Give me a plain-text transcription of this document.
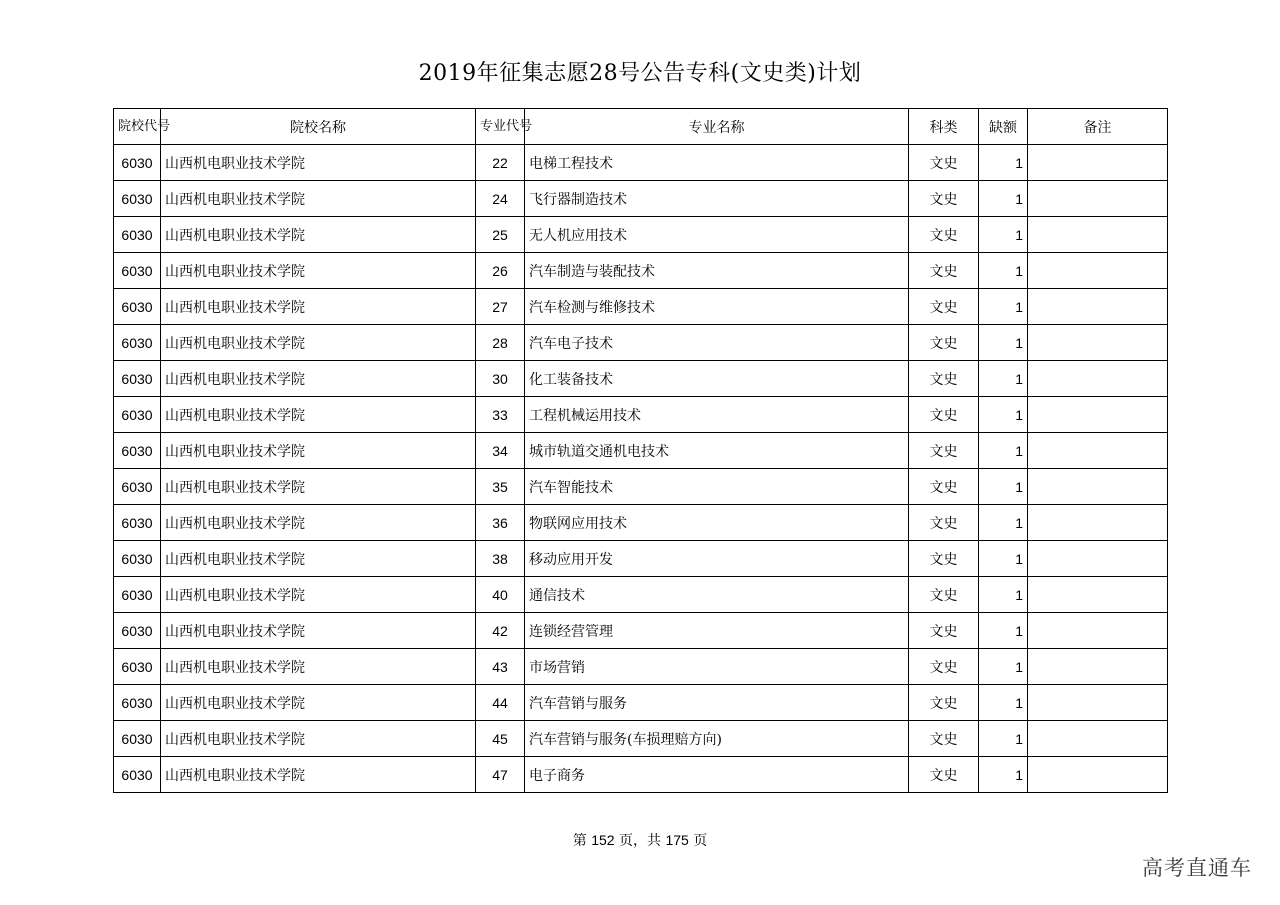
2019年征集志愿28号公告专科(文史类)计划
院校代号	院校名称	专业代号	专业名称	科类	缺额	备注
6030	山西机电职业技术学院	22	电梯工程技术	文史	1	
6030	山西机电职业技术学院	24	飞行器制造技术	文史	1	
6030	山西机电职业技术学院	25	无人机应用技术	文史	1	
6030	山西机电职业技术学院	26	汽车制造与装配技术	文史	1	
6030	山西机电职业技术学院	27	汽车检测与维修技术	文史	1	
6030	山西机电职业技术学院	28	汽车电子技术	文史	1	
6030	山西机电职业技术学院	30	化工装备技术	文史	1	
6030	山西机电职业技术学院	33	工程机械运用技术	文史	1	
6030	山西机电职业技术学院	34	城市轨道交通机电技术	文史	1	
6030	山西机电职业技术学院	35	汽车智能技术	文史	1	
6030	山西机电职业技术学院	36	物联网应用技术	文史	1	
6030	山西机电职业技术学院	38	移动应用开发	文史	1	
6030	山西机电职业技术学院	40	通信技术	文史	1	
6030	山西机电职业技术学院	42	连锁经营管理	文史	1	
6030	山西机电职业技术学院	43	市场营销	文史	1	
6030	山西机电职业技术学院	44	汽车营销与服务	文史	1	
6030	山西机电职业技术学院	45	汽车营销与服务(车损理赔方向)	文史	1	
6030	山西机电职业技术学院	47	电子商务	文史	1	
第 152 页，共 175 页
高考直通车
